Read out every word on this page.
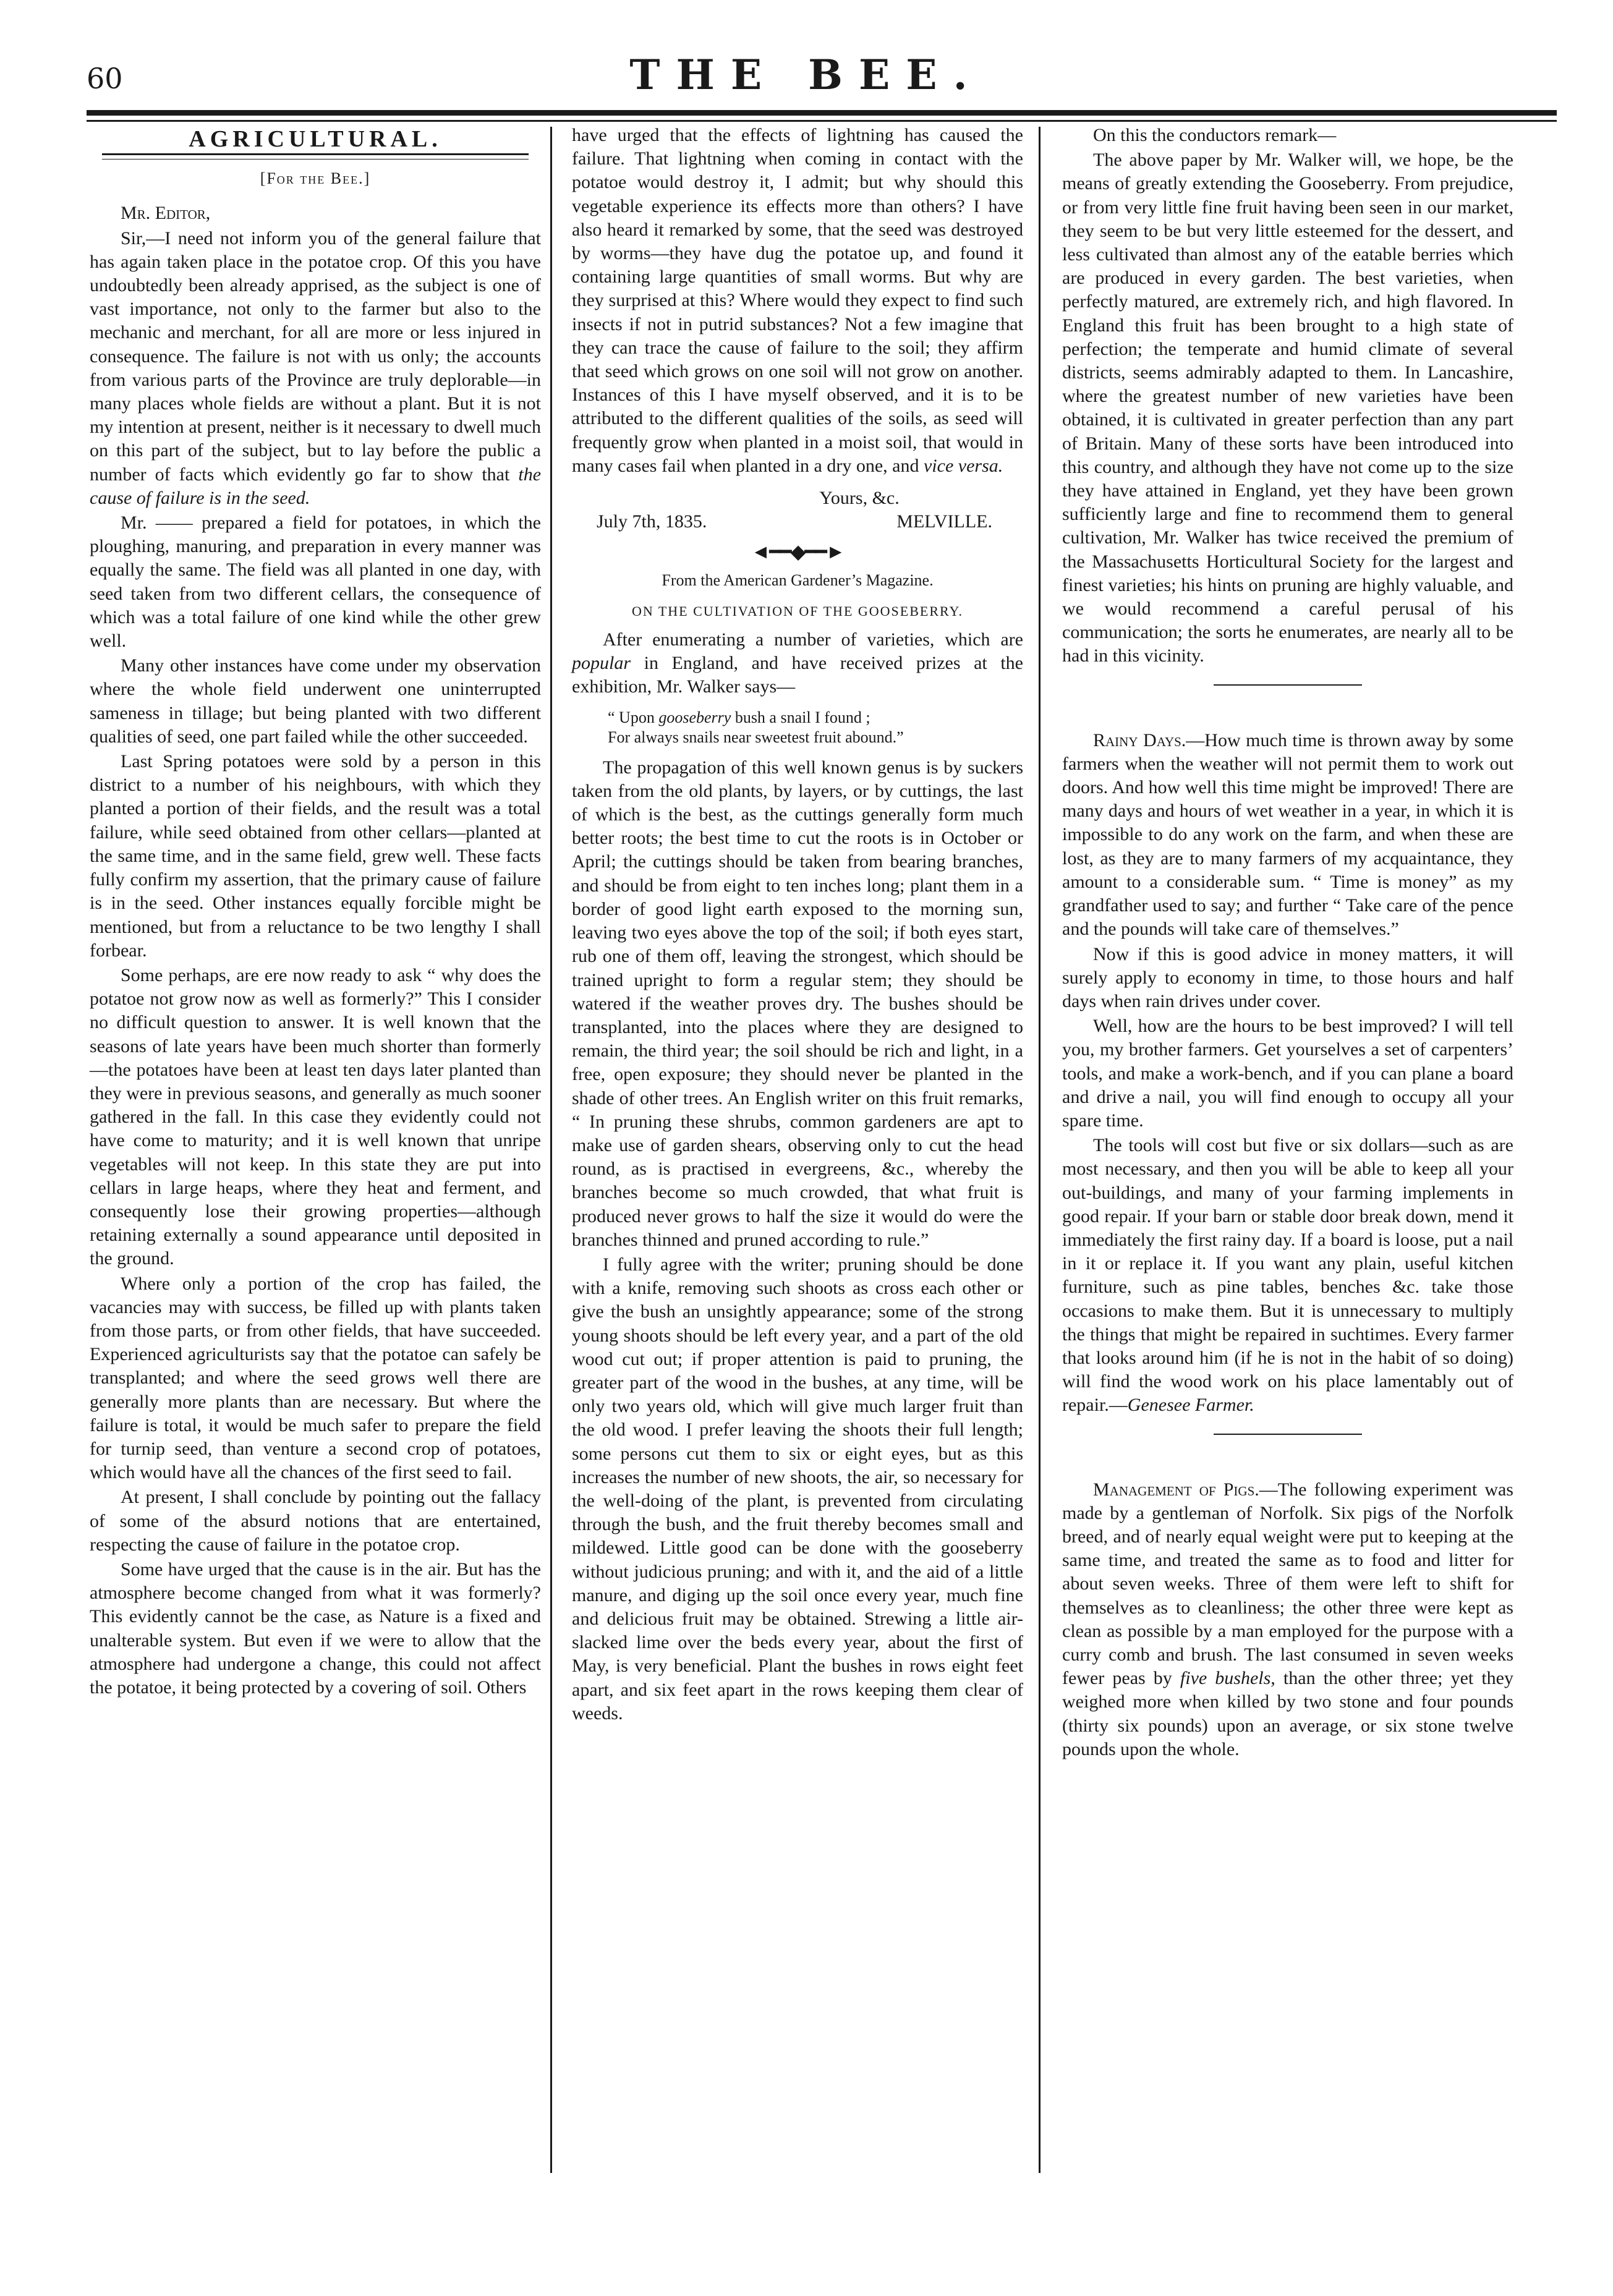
60	THE BEE.
AGRICULTURAL.
[For the Bee.]

Mr. Editor,

Sir,—I need not inform you of the general failure that has again taken place in the potatoe crop. Of this you have undoubtedly been already apprised, as the subject is one of vast importance, not only to the farmer but also to the mechanic and merchant, for all are more or less injured in consequence. The failure is not with us only; the accounts from various parts of the Province are truly deplorable—in many places whole fields are without a plant. But it is not my intention at present, neither is it necessary to dwell much on this part of the subject, but to lay before the public a number of facts which evidently go far to show that the cause of failure is in the seed.

Mr. —— prepared a field for potatoes, in which the ploughing, manuring, and preparation in every manner was equally the same. The field was all planted in one day, with seed taken from two different cellars, the consequence of which was a total failure of one kind while the other grew well.

Many other instances have come under my observation where the whole field underwent one uninterrupted sameness in tillage; but being planted with two different qualities of seed, one part failed while the other succeeded.

Last Spring potatoes were sold by a person in this district to a number of his neighbours, with which they planted a portion of their fields, and the result was a total failure, while seed obtained from other cellars—planted at the same time, and in the same field, grew well. These facts fully confirm my assertion, that the primary cause of failure is in the seed. Other instances equally forcible might be mentioned, but from a reluctance to be two lengthy I shall forbear.

Some perhaps, are ere now ready to ask “ why does the potatoe not grow now as well as formerly?” This I consider no difficult question to answer. It is well known that the seasons of late years have been much shorter than formerly—the potatoes have been at least ten days later planted than they were in previous seasons, and generally as much sooner gathered in the fall. In this case they evidently could not have come to maturity; and it is well known that unripe vegetables will not keep. In this state they are put into cellars in large heaps, where they heat and ferment, and consequently lose their growing properties—although retaining externally a sound appearance until deposited in the ground.

Where only a portion of the crop has failed, the vacancies may with success, be filled up with plants taken from those parts, or from other fields, that have succeeded. Experienced agriculturists say that the potatoe can safely be transplanted; and where the seed grows well there are generally more plants than are necessary. But where the failure is total, it would be much safer to prepare the field for turnip seed, than venture a second crop of potatoes, which would have all the chances of the first seed to fail.

At present, I shall conclude by pointing out the fallacy of some of the absurd notions that are entertained, respecting the cause of failure in the potatoe crop.

Some have urged that the cause is in the air. But has the atmosphere become changed from what it was formerly? This evidently cannot be the case, as Nature is a fixed and unalterable system. But even if we were to allow that the atmosphere had undergone a change, this could not affect the potatoe, it being protected by a covering of soil. Others

have urged that the effects of lightning has caused the failure. That lightning when coming in contact with the potatoe would destroy it, I admit; but why should this vegetable experience its effects more than others? I have also heard it remarked by some, that the seed was destroyed by worms—they have dug the potatoe up, and found it containing large quantities of small worms. But why are they surprised at this? Where would they expect to find such insects if not in putrid substances? Not a few imagine that they can trace the cause of failure to the soil; they affirm that seed which grows on one soil will not grow on another. Instances of this I have myself observed, and it is to be attributed to the different qualities of the soils, as seed will frequently grow when planted in a moist soil, that would in many cases fail when planted in a dry one, and vice versa.

Yours, &c.
July 7th, 1835.	MELVILLE.
◄━━◆━━►
From the American Gardener’s Magazine.
ON THE CULTIVATION OF THE GOOSEBERRY.

After enumerating a number of varieties, which are popular in England, and have received prizes at the exhibition, Mr. Walker says—

“ Upon gooseberry bush a snail I found ;
For always snails near sweetest fruit abound.”

The propagation of this well known genus is by suckers taken from the old plants, by layers, or by cuttings, the last of which is the best, as the cuttings generally form much better roots; the best time to cut the roots is in October or April; the cuttings should be taken from bearing branches, and should be from eight to ten inches long; plant them in a border of good light earth exposed to the morning sun, leaving two eyes above the top of the soil; if both eyes start, rub one of them off, leaving the strongest, which should be trained upright to form a regular stem; they should be watered if the weather proves dry. The bushes should be transplanted, into the places where they are designed to remain, the third year; the soil should be rich and light, in a free, open exposure; they should never be planted in the shade of other trees. An English writer on this fruit remarks, “ In pruning these shrubs, common gardeners are apt to make use of garden shears, observing only to cut the head round, as is practised in evergreens, &c., whereby the branches become so much crowded, that what fruit is produced never grows to half the size it would do were the branches thinned and pruned according to rule.”

I fully agree with the writer; pruning should be done with a knife, removing such shoots as cross each other or give the bush an unsightly appearance; some of the strong young shoots should be left every year, and a part of the old wood cut out; if proper attention is paid to pruning, the greater part of the wood in the bushes, at any time, will be only two years old, which will give much larger fruit than the old wood. I prefer leaving the shoots their full length; some persons cut them to six or eight eyes, but as this increases the number of new shoots, the air, so necessary for the well-doing of the plant, is prevented from circulating through the bush, and the fruit thereby becomes small and mildewed. Little good can be done with the gooseberry without judicious pruning; and with it, and the aid of a little manure, and diging up the soil once every year, much fine and delicious fruit may be obtained. Strewing a little air-slacked lime over the beds every year, about the first of May, is very beneficial. Plant the bushes in rows eight feet apart, and six feet apart in the rows keeping them clear of weeds.

On this the conductors remark—

The above paper by Mr. Walker will, we hope, be the means of greatly extending the Gooseberry. From prejudice, or from very little fine fruit having been seen in our market, they seem to be but very little esteemed for the dessert, and less cultivated than almost any of the eatable berries which are produced in every garden. The best varieties, when perfectly matured, are extremely rich, and high flavored. In England this fruit has been brought to a high state of perfection; the temperate and humid climate of several districts, seems admirably adapted to them. In Lancashire, where the greatest number of new varieties have been obtained, it is cultivated in greater perfection than any part of Britain. Many of these sorts have been introduced into this country, and although they have not come up to the size they have attained in England, yet they have been grown sufficiently large and fine to recommend them to general cultivation, Mr. Walker has twice received the premium of the Massachusetts Horticultural Society for the largest and finest varieties; his hints on pruning are highly valuable, and we would recommend a careful perusal of his communication; the sorts he enumerates, are nearly all to be had in this vicinity.

Rainy Days.—How much time is thrown away by some farmers when the weather will not permit them to work out doors. And how well this time might be improved! There are many days and hours of wet weather in a year, in which it is impossible to do any work on the farm, and when these are lost, as they are to many farmers of my acquaintance, they amount to a considerable sum. “ Time is money” as my grandfather used to say; and further “ Take care of the pence and the pounds will take care of themselves.”

Now if this is good advice in money matters, it will surely apply to economy in time, to those hours and half days when rain drives under cover.

Well, how are the hours to be best improved? I will tell you, my brother farmers. Get yourselves a set of carpenters’ tools, and make a work-bench, and if you can plane a board and drive a nail, you will find enough to occupy all your spare time.

The tools will cost but five or six dollars—such as are most necessary, and then you will be able to keep all your out-buildings, and many of your farming implements in good repair. If your barn or stable door break down, mend it immediately the first rainy day. If a board is loose, put a nail in it or replace it. If you want any plain, useful kitchen furniture, such as pine tables, benches &c. take those occasions to make them. But it is unnecessary to multiply the things that might be repaired in suchtimes. Every farmer that looks around him (if he is not in the habit of so doing) will find the wood work on his place lamentably out of repair.—Genesee Farmer.

Management of Pigs.—The following experiment was made by a gentleman of Norfolk. Six pigs of the Norfolk breed, and of nearly equal weight were put to keeping at the same time, and treated the same as to food and litter for about seven weeks. Three of them were left to shift for themselves as to cleanliness; the other three were kept as clean as possible by a man employed for the purpose with a curry comb and brush. The last consumed in seven weeks fewer peas by five bushels, than the other three; yet they weighed more when killed by two stone and four pounds (thirty six pounds) upon an average, or six stone twelve pounds upon the whole.
